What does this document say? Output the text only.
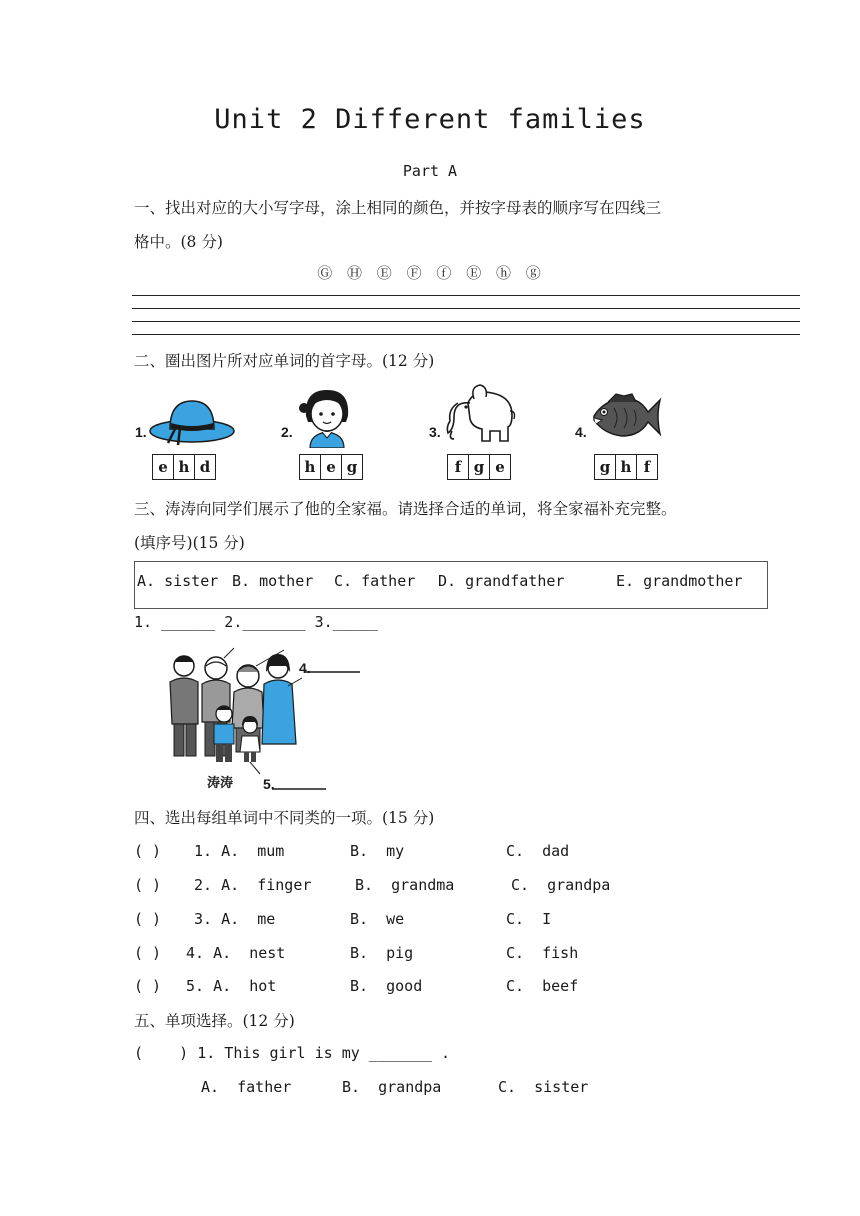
Unit 2 Different families
Part A
一、找出对应的大小写字母，涂上相同的颜色，并按字母表的顺序写在四线三
格中。(8 分)
Ⓖ Ⓗ Ⓔ Ⓕ ⓕ Ⓔ ⓗ ⓖ
二、圈出图片所对应单词的首字母。(12 分)
1.
e h d
2.
h e g
3.
f g e
4.
g h f
三、涛涛向同学们展示了他的全家福。请选择合适的单词，将全家福补充完整。
(填序号)(15 分)
A. sister B. mother C. father D. grandfather	E. grandmother
1. ______ 2._______ 3._____
4.
5.
涛涛
四、选出每组单词中不同类的一项。(15 分)
( ) 1. A.  mum	B.  my	C.  dad
( ) 2. A.  finger	B.  grandma	C.  grandpa
( ) 3. A.  me	B.  we	C.  I
( ) 4. A.  nest	B.  pig	C.  fish
( ) 5. A.  hot	B.  good	C.  beef
五、单项选择。(12 分)
(    ) 1. This girl is my _______ .
A.  father	B.  grandpa	C.  sister
